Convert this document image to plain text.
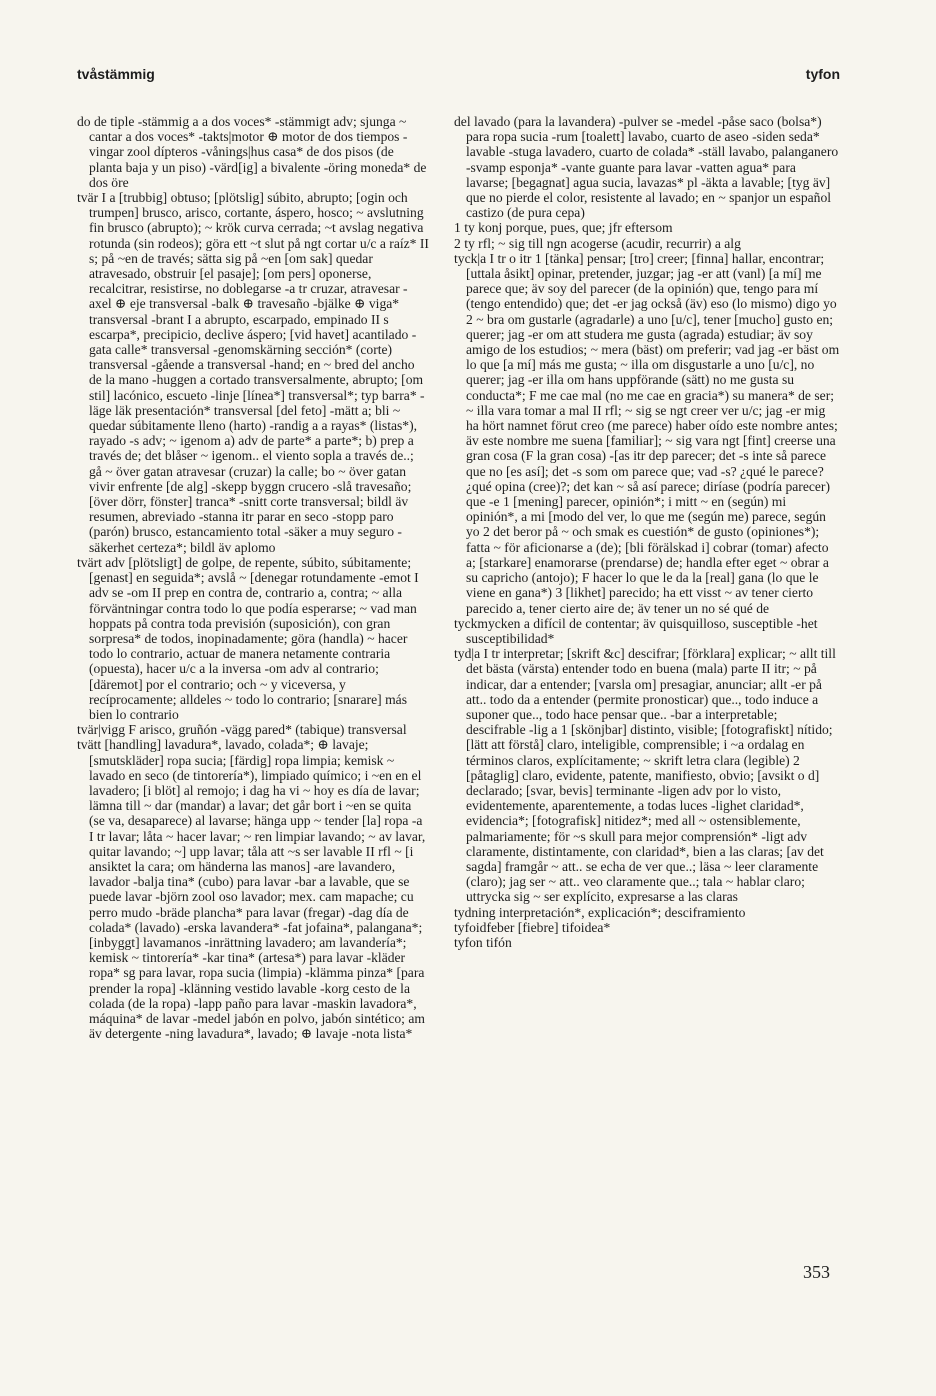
tvåstämmig	tyfon

do de tiple -stämmig a a dos voces* -stämmigt adv; sjunga ~ cantar a dos voces* -takts|motor ⊕ motor de dos tiempos -vingar zool dípteros -vånings|hus casa* de dos pisos (de planta baja y un piso) -värd[ig] a bivalente -öring moneda* de dos öre

tvär I a [trubbig] obtuso; [plötslig] súbito, abrupto; [ogin och trumpen] brusco, arisco, cortante, áspero, hosco; ~ avslutning fin brusco (abrupto); ~ krök curva cerrada; ~t avslag negativa rotunda (sin rodeos); göra ett ~t slut på ngt cortar u/c a raíz* II s; på ~en de través; sätta sig på ~en [om sak] quedar atravesado, obstruir [el pasaje]; [om pers] oponerse, recalcitrar, resistirse, no doblegarse -a tr cruzar, atravesar -axel ⊕ eje transversal -balk ⊕ travesaño -bjälke ⊕ viga* transversal -brant I a abrupto, escarpado, empinado II s escarpa*, precipicio, declive áspero; [vid havet] acantilado -gata calle* transversal -genomskärning sección* (corte) transversal -gående a transversal -hand; en ~ bred del ancho de la mano -huggen a cortado transversalmente, abrupto; [om stil] lacónico, escueto -linje [línea*] transversal*; typ barra* -läge läk presentación* transversal [del feto] -mätt a; bli ~ quedar súbitamente lleno (harto) -randig a a rayas* (listas*), rayado -s adv; ~ igenom a) adv de parte* a parte*; b) prep a través de; det blåser ~ igenom.. el viento sopla a través de..; gå ~ över gatan atravesar (cruzar) la calle; bo ~ över gatan vivir enfrente [de alg] -skepp byggn crucero -slå travesaño; [över dörr, fönster] tranca* -snitt corte transversal; bildl äv resumen, abreviado -stanna itr parar en seco -stopp paro (parón) brusco, estancamiento total -säker a muy seguro -säkerhet certeza*; bildl äv aplomo

tvärt adv [plötsligt] de golpe, de repente, súbito, súbitamente; [genast] en seguida*; avslå ~ [denegar rotundamente -emot I adv se -om II prep en contra de, contrario a, contra; ~ alla förväntningar contra todo lo que podía esperarse; ~ vad man hoppats på contra toda previsión (suposición), con gran sorpresa* de todos, inopinadamente; göra (handla) ~ hacer todo lo contrario, actuar de manera netamente contraria (opuesta), hacer u/c a la inversa -om adv al contrario; [däremot] por el contrario; och ~ y viceversa, y recíprocamente; alldeles ~ todo lo contrario; [snarare] más bien lo contrario

tvär|vigg F arisco, gruñón -vägg pared* (tabique) transversal

tvätt [handling] lavadura*, lavado, colada*; ⊕ lavaje; [smutskläder] ropa sucia; [färdig] ropa limpia; kemisk ~ lavado en seco (de tintorería*), limpiado químico; i ~en en el lavadero; [i blöt] al remojo; i dag ha vi ~ hoy es día de lavar; lämna till ~ dar (mandar) a lavar; det går bort i ~en se quita (se va, desaparece) al lavarse; hänga upp ~ tender [la] ropa -a I tr lavar; låta ~ hacer lavar; ~ ren limpiar lavando; ~ av lavar, quitar lavando; ~] upp lavar; tåla att ~s ser lavable II rfl ~ [i ansiktet la cara; om händerna las manos] -are lavandero, lavador -balja tina* (cubo) para lavar -bar a lavable, que se puede lavar -björn zool oso lavador; mex. cam mapache; cu perro mudo -bräde plancha* para lavar (fregar) -dag día de colada* (lavado) -erska lavandera* -fat jofaina*, palangana*; [inbyggt] lavamanos -inrättning lavadero; am lavandería*; kemisk ~ tintorería* -kar tina* (artesa*) para lavar -kläder ropa* sg para lavar, ropa sucia (limpia) -klämma pinza* [para prender la ropa] -klänning vestido lavable -korg cesto de la colada (de la ropa) -lapp paño para lavar -maskin lavadora*, máquina* de lavar -medel jabón en polvo, jabón sintético; am äv detergente -ning lavadura*, lavado; ⊕ lavaje -nota lista*

del lavado (para la lavandera) -pulver se -medel -påse saco (bolsa*) para ropa sucia -rum [toalett] lavabo, cuarto de aseo -siden seda* lavable -stuga lavadero, cuarto de colada* -ställ lavabo, palanganero -svamp esponja* -vante guante para lavar -vatten agua* para lavarse; [begagnat] agua sucia, lavazas* pl -äkta a lavable; [tyg äv] que no pierde el color, resistente al lavado; en ~ spanjor un español castizo (de pura cepa)

1 ty konj porque, pues, que; jfr eftersom

2 ty rfl; ~ sig till ngn acogerse (acudir, recurrir) a alg

tyck|a I tr o itr 1 [tänka] pensar; [tro] creer; [finna] hallar, encontrar; [uttala åsikt] opinar, pretender, juzgar; jag -er att (vanl) [a mí] me parece que; äv soy del parecer (de la opinión) que, tengo para mí (tengo entendido) que; det -er jag också (äv) eso (lo mismo) digo yo 2 ~ bra om gustarle (agradarle) a uno [u/c], tener [mucho] gusto en; querer; jag -er om att studera me gusta (agrada) estudiar; äv soy amigo de los estudios; ~ mera (bäst) om preferir; vad jag -er bäst om lo que [a mí] más me gusta; ~ illa om disgustarle a uno [u/c], no querer; jag -er illa om hans uppförande (sätt) no me gusta su conducta*; F me cae mal (no me cae en gracia*) su manera* de ser; ~ illa vara tomar a mal II rfl; ~ sig se ngt creer ver u/c; jag -er mig ha hört namnet förut creo (me parece) haber oído este nombre antes; äv este nombre me suena [familiar]; ~ sig vara ngt [fint] creerse una gran cosa (F la gran cosa) -[as itr dep parecer; det -s inte så parece que no [es así]; det -s som om parece que; vad -s? ¿qué le parece? ¿qué opina (cree)?; det kan ~ så así parece; diríase (podría parecer) que -e 1 [mening] parecer, opinión*; i mitt ~ en (según) mi opinión*, a mi [modo del ver, lo que me (según me) parece, según yo 2 det beror på ~ och smak es cuestión* de gusto (opiniones*); fatta ~ för aficionarse a (de); [bli förälskad i] cobrar (tomar) afecto a; [starkare] enamorarse (prendarse) de; handla efter eget ~ obrar a su capricho (antojo); F hacer lo que le da la [real] gana (lo que le viene en gana*) 3 [likhet] parecido; ha ett visst ~ av tener cierto parecido a, tener cierto aire de; äv tener un no sé qué de

tyckmycken a difícil de contentar; äv quisquilloso, susceptible -het susceptibilidad*

tyd|a I tr interpretar; [skrift &c] descifrar; [förklara] explicar; ~ allt till det bästa (värsta) entender todo en buena (mala) parte II itr; ~ på indicar, dar a entender; [varsla om] presagiar, anunciar; allt -er på att.. todo da a entender (permite pronosticar) que.., todo induce a suponer que.., todo hace pensar que.. -bar a interpretable; descifrable -lig a 1 [skönjbar] distinto, visible; [fotografiskt] nítido; [lätt att förstå] claro, inteligible, comprensible; i ~a ordalag en términos claros, explícitamente; ~ skrift letra clara (legible) 2 [påtaglig] claro, evidente, patente, manifiesto, obvio; [avsikt o d] declarado; [svar, bevis] terminante -ligen adv por lo visto, evidentemente, aparentemente, a todas luces -lighet claridad*, evidencia*; [fotografisk] nitidez*; med all ~ ostensiblemente, palmariamente; för ~s skull para mejor comprensión* -ligt adv claramente, distintamente, con claridad*, bien a las claras; [av det sagda] framgår ~ att.. se echa de ver que..; läsa ~ leer claramente (claro); jag ser ~ att.. veo claramente que..; tala ~ hablar claro; uttrycka sig ~ ser explícito, expresarse a las claras

tydning interpretación*, explicación*; desciframiento

tyfoidfeber [fiebre] tifoidea*

tyfon tifón

353
